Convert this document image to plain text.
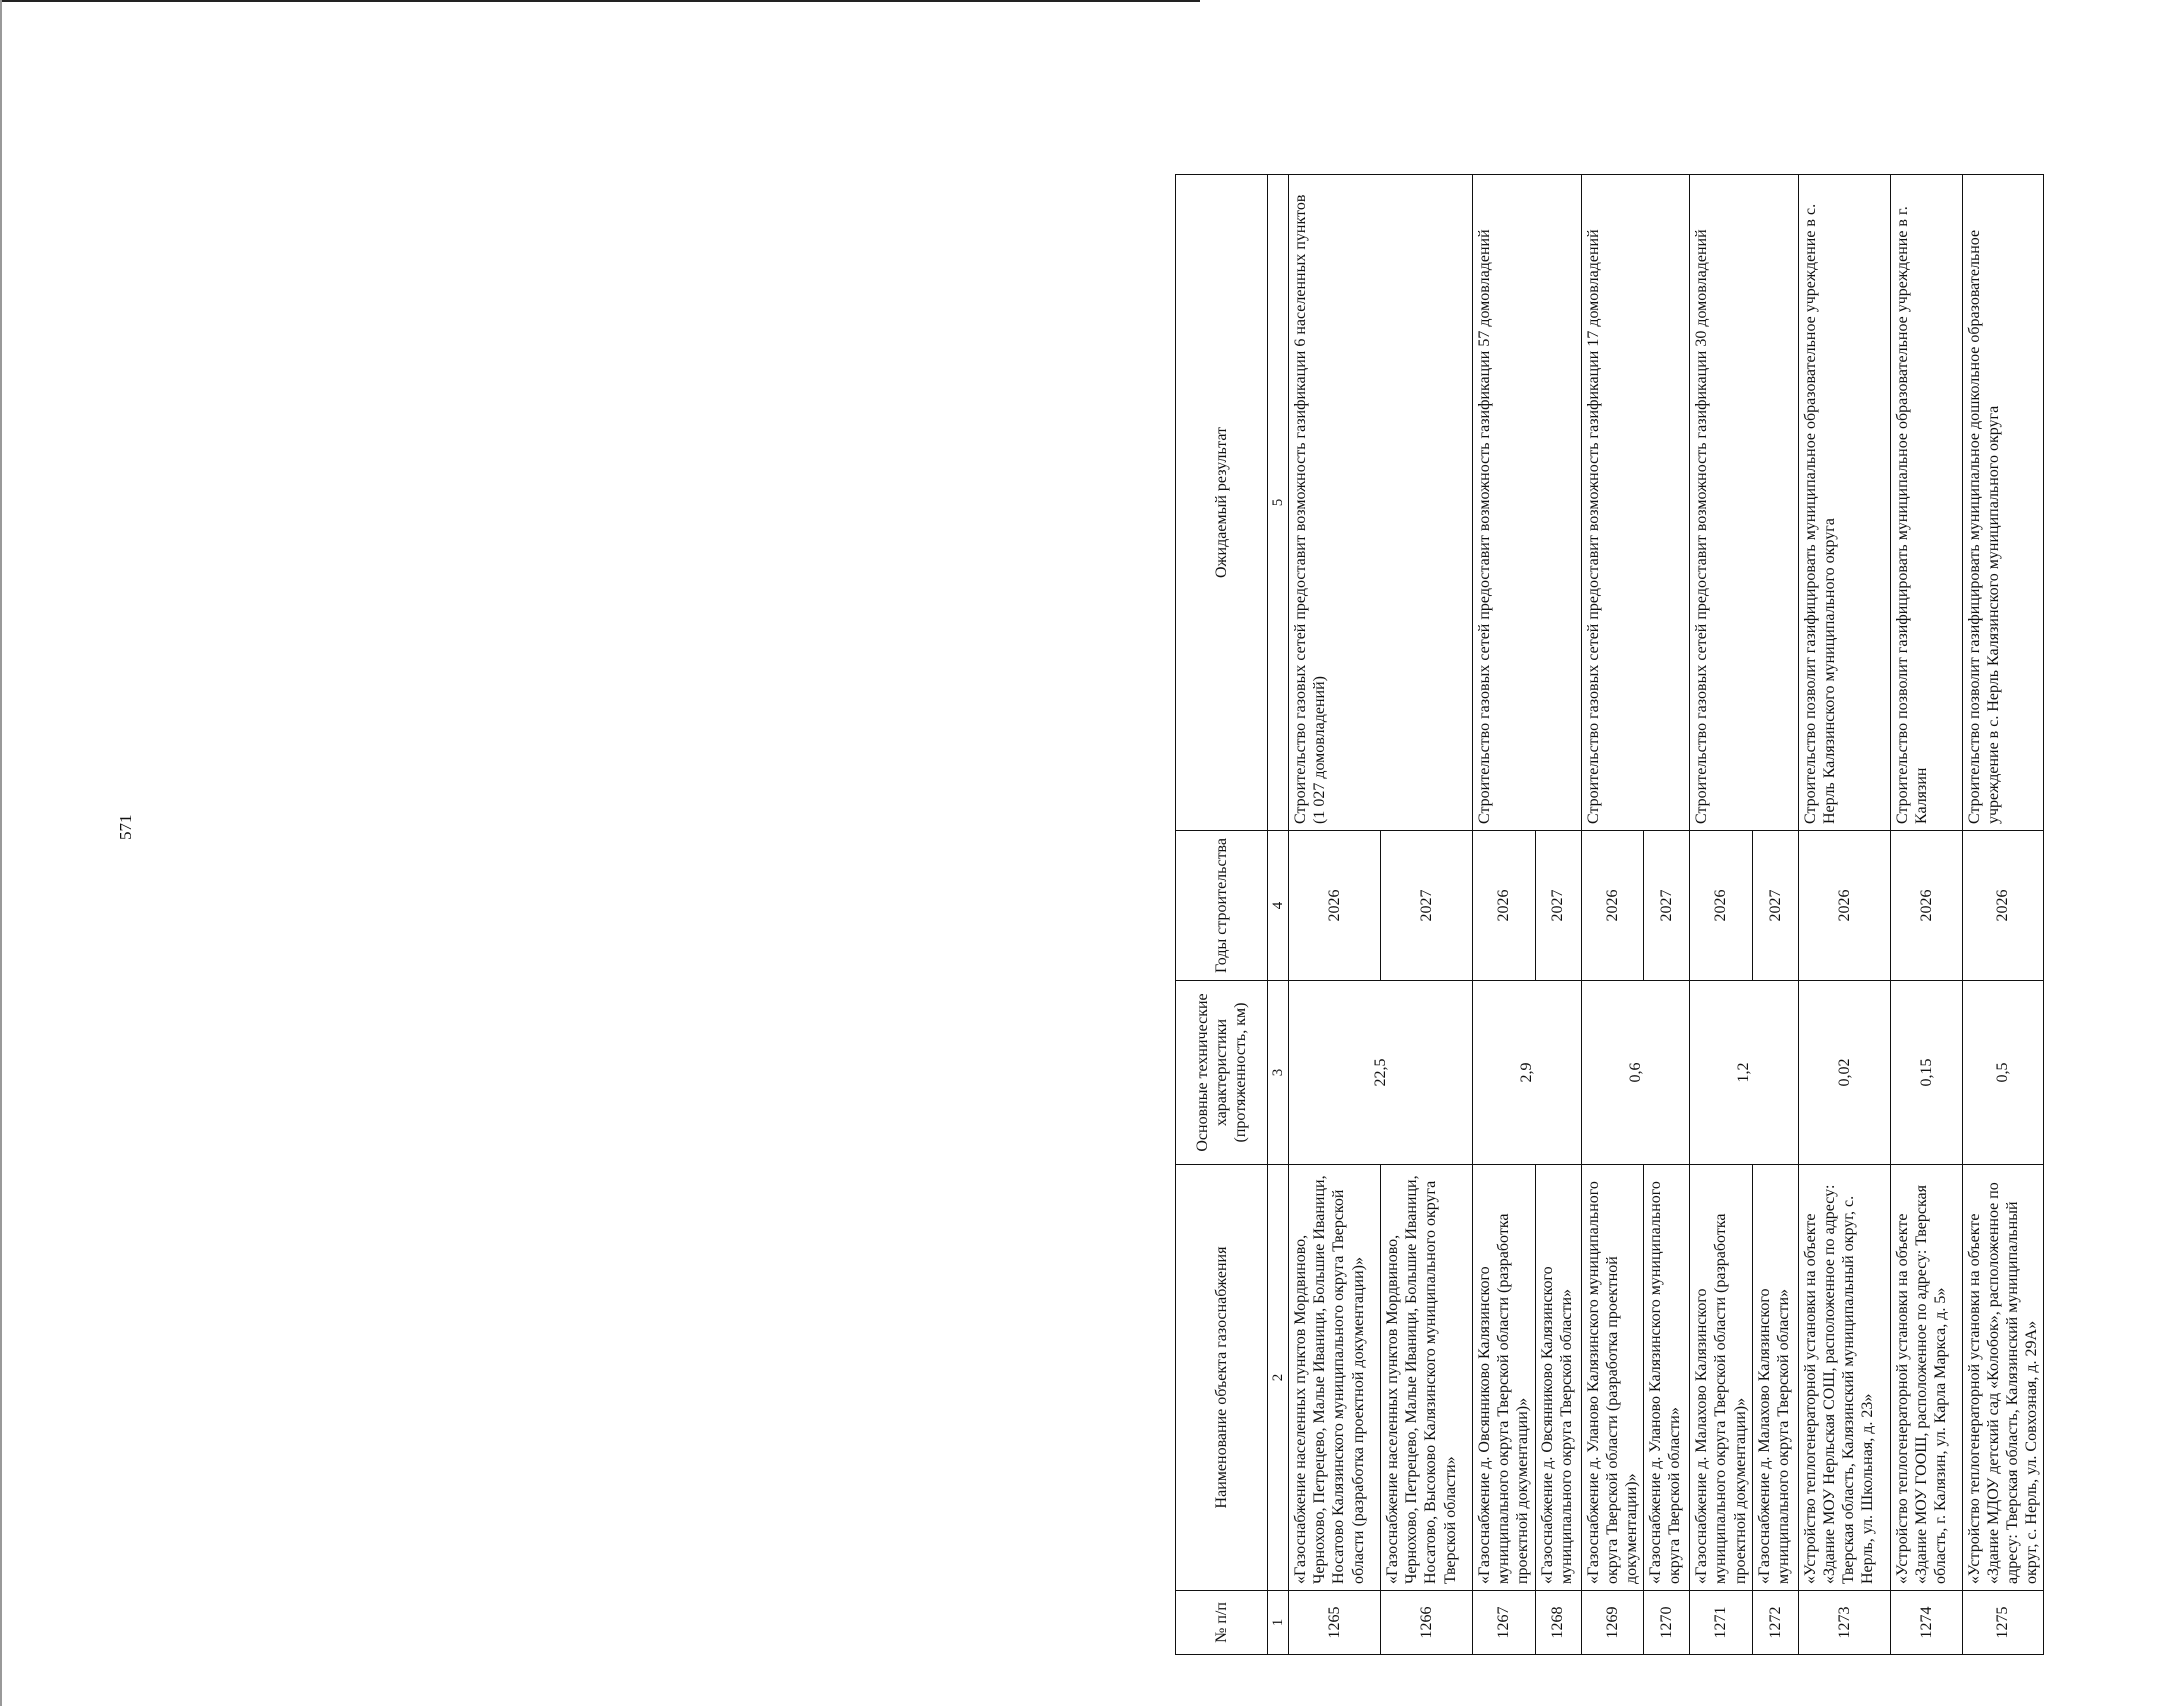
571
№ п/п	Наименование объекта газоснабжения	Основные технические характеристики (протяженность, км)	Годы строительства	Ожидаемый результат
1	2	3	4	5
1265	«Газоснабжение населенных пунктов Мордвиново, Чернохово, Петрецево, Малые Иваници, Большие Иваници, Носатово Калязинского муниципального округа Тверской области (разработка проектной документации)»	22,5	2026	Строительство газовых сетей предоставит возможность газификации 6 населенных пунктов (1 027 домовладений)
1266	«Газоснабжение населенных пунктов Мордвиново, Чернохово, Петрецево, Малые Иваници, Большие Иваници, Носатово, Высоково Калязинского муниципального округа Тверской области»		2027	
1267	«Газоснабжение д. Овсянниково Калязинского муниципального округа Тверской области (разработка проектной документации)»	2,9	2026	Строительство газовых сетей предоставит возможность газификации 57 домовладений
1268	«Газоснабжение д. Овсянниково Калязинского муниципального округа Тверской области»		2027	
1269	«Газоснабжение д. Уланово Калязинского муниципального округа Тверской области (разработка проектной документации)»	0,6	2026	Строительство газовых сетей предоставит возможность газификации 17 домовладений
1270	«Газоснабжение д. Уланово Калязинского муниципального округа Тверской области»		2027	
1271	«Газоснабжение д. Малахово Калязинского муниципального округа Тверской области (разработка проектной документации)»	1,2	2026	Строительство газовых сетей предоставит возможность газификации 30 домовладений
1272	«Газоснабжение д. Малахово Калязинского муниципального округа Тверской области»		2027	
1273	«Устройство теплогенераторной установки на объекте «Здание МОУ Нерльская СОШ, расположенное по адресу: Тверская область, Калязинский муниципальный округ, с. Нерль, ул. Школьная, д. 23»	0,02	2026	Строительство позволит газифицировать муниципальное образовательное учреждение в с. Нерль Калязинского муниципального округа
1274	«Устройство теплогенераторной установки на объекте «Здание МОУ ГООШ, расположенное по адресу: Тверская область, г. Калязин, ул. Карла Маркса, д. 5»	0,15	2026	Строительство позволит газифицировать муниципальное образовательное учреждение в г. Калязин
1275	«Устройство теплогенераторной установки на объекте «Здание МДОУ детский сад «Колобок», расположенное по адресу: Тверская область, Калязинский муниципальный округ, с. Нерль, ул. Совхозная, д. 29А»	0,5	2026	Строительство позволит газифицировать муниципальное дошкольное образовательное учреждение в с. Нерль Калязинского муниципального округа
